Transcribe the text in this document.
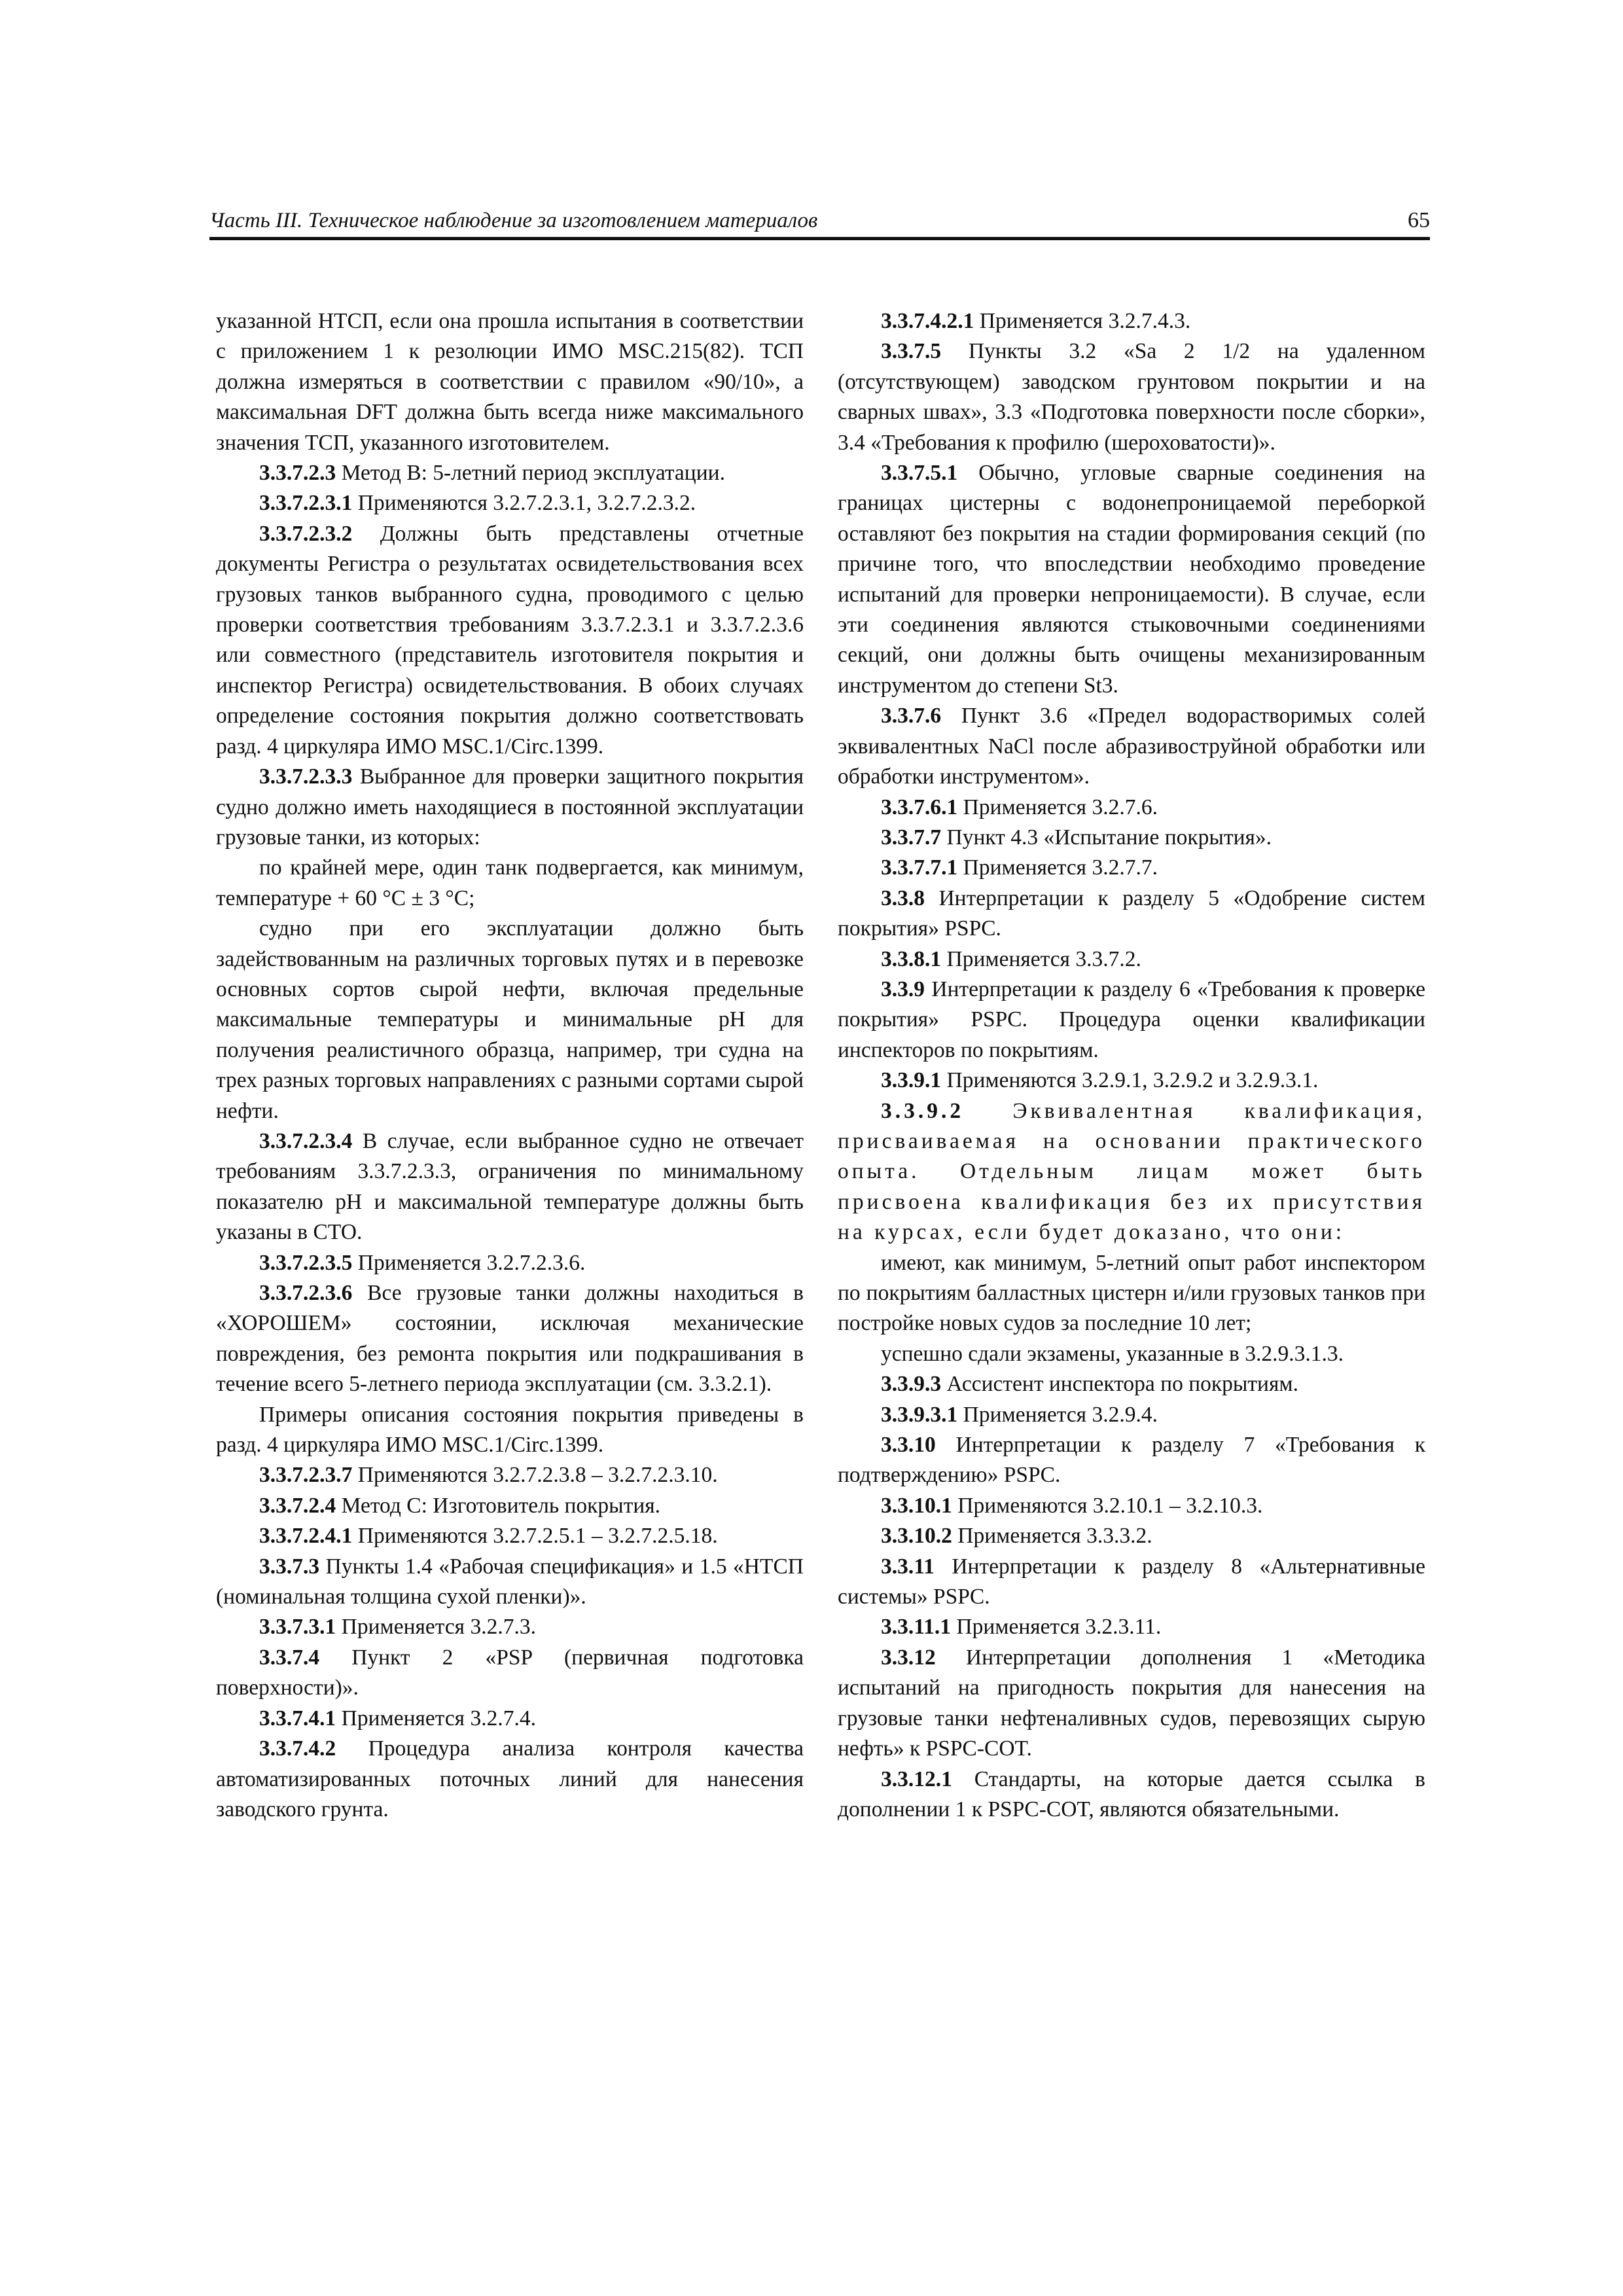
Часть III. Техническое наблюдение за изготовлением материалов	65

указанной НТСП, если она прошла испытания в соответствии с приложением 1 к резолюции ИМО MSC.215(82). ТСП должна измеряться в соответствии с правилом «90/10», а максимальная DFT должна быть всегда ниже максимального значения ТСП, указанного изготовителем.

3.3.7.2.3 Метод В: 5-летний период эксплуатации.

3.3.7.2.3.1 Применяются 3.2.7.2.3.1, 3.2.7.2.3.2.

3.3.7.2.3.2 Должны быть представлены отчетные документы Регистра о результатах освидетельствования всех грузовых танков выбранного судна, проводимого с целью проверки соответствия требованиям 3.3.7.2.3.1 и 3.3.7.2.3.6 или совместного (представитель изготовителя покрытия и инспектор Регистра) освидетельствования. В обоих случаях определение состояния покрытия должно соответствовать разд. 4 циркуляра ИМО MSC.1/Circ.1399.

3.3.7.2.3.3 Выбранное для проверки защитного покрытия судно должно иметь находящиеся в постоянной эксплуатации грузовые танки, из которых:

по крайней мере, один танк подвергается, как минимум, температуре + 60 °С ± 3 °С;

судно при его эксплуатации должно быть задействованным на различных торговых путях и в перевозке основных сортов сырой нефти, включая предельные максимальные температуры и минимальные pH для получения реалистичного образца, например, три судна на трех разных торговых направлениях с разными сортами сырой нефти.

3.3.7.2.3.4 В случае, если выбранное судно не отвечает требованиям 3.3.7.2.3.3, ограничения по минимальному показателю pH и максимальной температуре должны быть указаны в СТО.

3.3.7.2.3.5 Применяется 3.2.7.2.3.6.

3.3.7.2.3.6 Все грузовые танки должны находиться в «ХОРОШЕМ» состоянии, исключая механические повреждения, без ремонта покрытия или подкрашивания в течение всего 5-летнего периода эксплуатации (см. 3.3.2.1).

Примеры описания состояния покрытия приведены в разд. 4 циркуляра ИМО MSC.1/Circ.1399.

3.3.7.2.3.7 Применяются 3.2.7.2.3.8 – 3.2.7.2.3.10.

3.3.7.2.4 Метод С: Изготовитель покрытия.

3.3.7.2.4.1 Применяются 3.2.7.2.5.1 – 3.2.7.2.5.18.

3.3.7.3 Пункты 1.4 «Рабочая спецификация» и 1.5 «НТСП (номинальная толщина сухой пленки)».

3.3.7.3.1 Применяется 3.2.7.3.

3.3.7.4 Пункт 2 «PSP (первичная подготовка поверхности)».

3.3.7.4.1 Применяется 3.2.7.4.

3.3.7.4.2 Процедура анализа контроля качества автоматизированных поточных линий для нанесения заводского грунта.

3.3.7.4.2.1 Применяется 3.2.7.4.3.

3.3.7.5 Пункты 3.2 «Sa 2 1/2 на удаленном (отсутствующем) заводском грунтовом покрытии и на сварных швах», 3.3 «Подготовка поверхности после сборки», 3.4 «Требования к профилю (шероховатости)».

3.3.7.5.1 Обычно, угловые сварные соединения на границах цистерны с водонепроницаемой переборкой оставляют без покрытия на стадии формирования секций (по причине того, что впоследствии необходимо проведение испытаний для проверки непроницаемости). В случае, если эти соединения являются стыковочными соединениями секций, они должны быть очищены механизированным инструментом до степени St3.

3.3.7.6 Пункт 3.6 «Предел водорастворимых солей эквивалентных NaCl после абразивоструйной обработки или обработки инструментом».

3.3.7.6.1 Применяется 3.2.7.6.

3.3.7.7 Пункт 4.3 «Испытание покрытия».

3.3.7.7.1 Применяется 3.2.7.7.

3.3.8 Интерпретации к разделу 5 «Одобрение систем покрытия» PSPC.

3.3.8.1 Применяется 3.3.7.2.

3.3.9 Интерпретации к разделу 6 «Требования к проверке покрытия» PSPC. Процедура оценки квалификации инспекторов по покрытиям.

3.3.9.1 Применяются 3.2.9.1, 3.2.9.2 и 3.2.9.3.1.

3.3.9.2 Эквивалентная квалификация, присваиваемая на основании практического опыта. Отдельным лицам может быть присвоена квалификация без их присутствия на курсах, если будет доказано, что они:

имеют, как минимум, 5-летний опыт работ инспектором по покрытиям балластных цистерн и/или грузовых танков при постройке новых судов за последние 10 лет;

успешно сдали экзамены, указанные в 3.2.9.3.1.3.

3.3.9.3 Ассистент инспектора по покрытиям.

3.3.9.3.1 Применяется 3.2.9.4.

3.3.10 Интерпретации к разделу 7 «Требования к подтверждению» PSPC.

3.3.10.1 Применяются 3.2.10.1 – 3.2.10.3.

3.3.10.2 Применяется 3.3.3.2.

3.3.11 Интерпретации к разделу 8 «Альтернативные системы» PSPC.

3.3.11.1 Применяется 3.2.3.11.

3.3.12 Интерпретации дополнения 1 «Методика испытаний на пригодность покрытия для нанесения на грузовые танки нефтеналивных судов, перевозящих сырую нефть» к PSPC-COT.

3.3.12.1 Стандарты, на которые дается ссылка в дополнении 1 к PSPC-COT, являются обязательными.
